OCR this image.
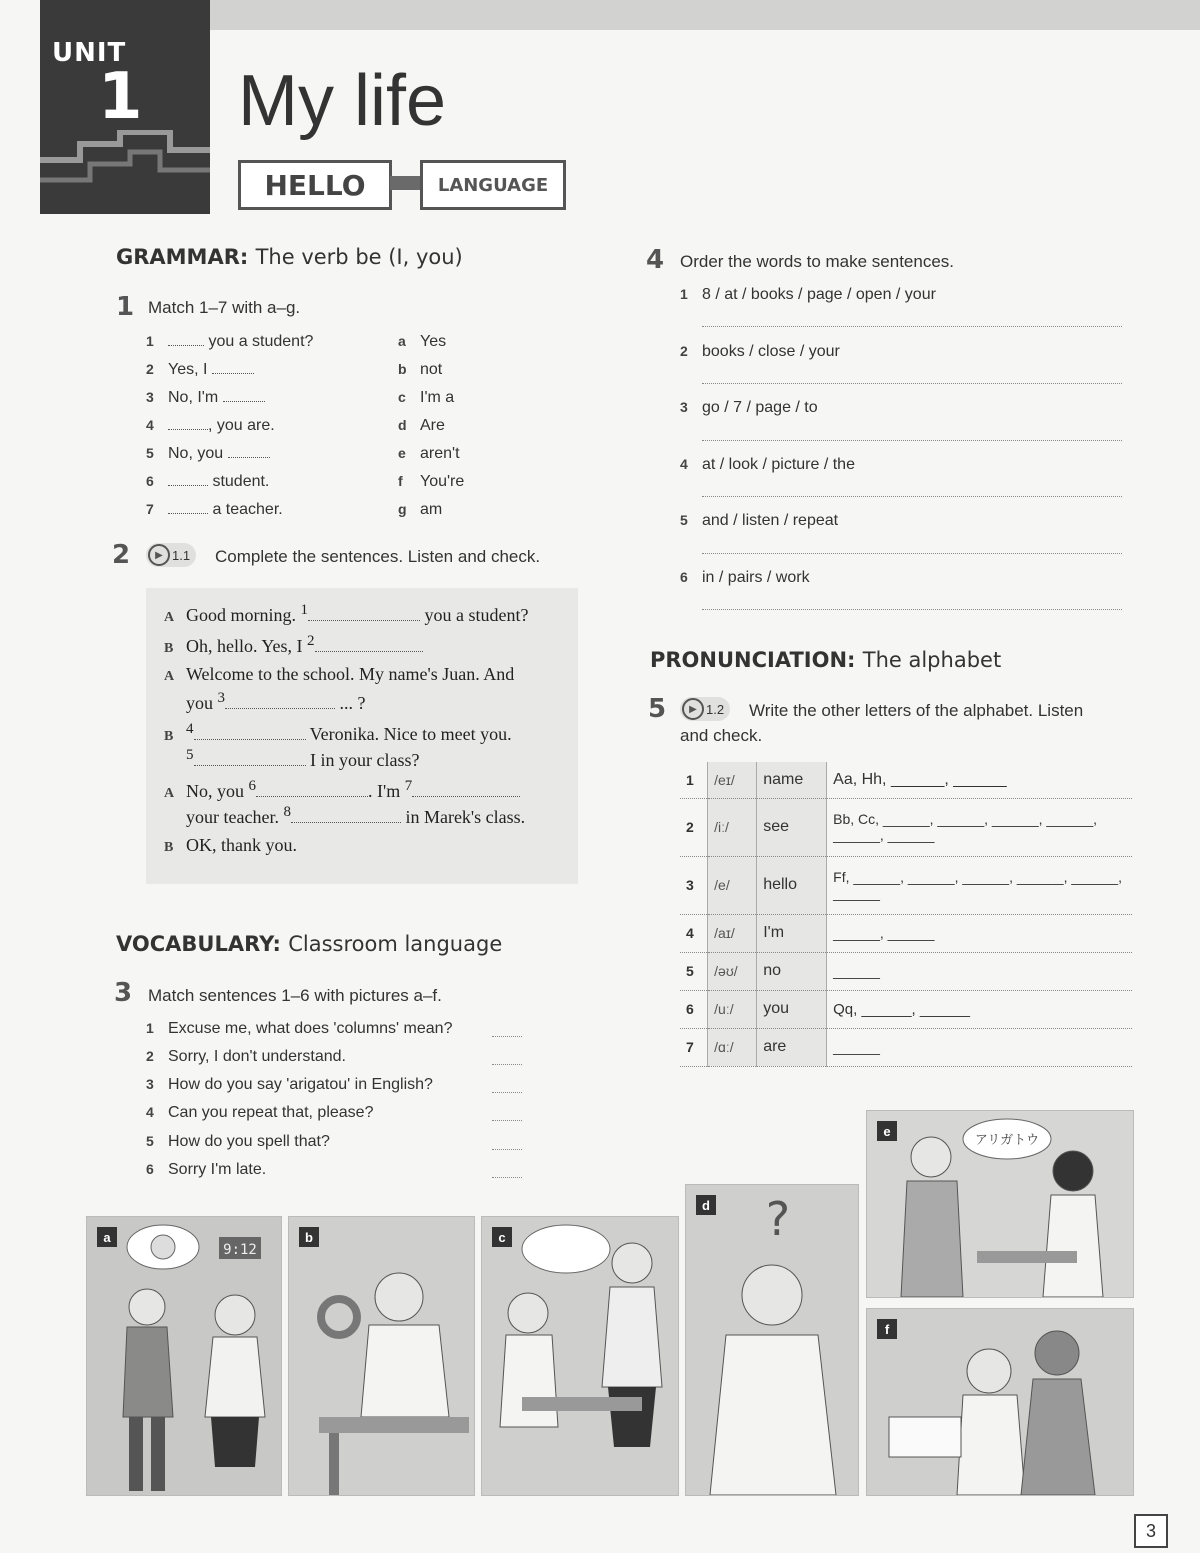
UNIT
1 My life
HELLO	LANGUAGE
GRAMMAR: The verb be (I, you)
1 Match 1–7 with a–g.
1	you a student?
2 Yes, I
3 No, I'm
4	, you are.
5 No, you
6	student.
7	a teacher.
a Yes
b not
c I'm a
d Are
e aren't
f You're
g am
2	▶ 1.1 Complete the sentences. Listen and check.
A Good morning. $^1$	you a student?
B Oh, hello. Yes, I $^2$
A Welcome to the school. My name's Juan. And
you $^3$	... ?
B $^4$	Veronika. Nice to meet you.
$^5$	I in your class?
A No, you $^6$	. I'm $^7$
your teacher. $^8$	in Marek's class.
B OK, thank you.
VOCABULARY: Classroom language
3 Match sentences 1–6 with pictures a–f.
1 Excuse me, what does 'columns' mean?
2 Sorry, I don't understand.
3 How do you say 'arigatou' in English?
4 Can you repeat that, please?
5 How do you spell that?
6 Sorry I'm late.
4 Order the words to make sentences.
1 8 / at / books / page / open / your
2 books / close / your
3 go / 7 / page / to
4 at / look / picture / the
5 and / listen / repeat
6 in / pairs / work
PRONUNCIATION: The alphabet
5	▶ 1.2 Write the other letters of the alphabet. Listen
and check.
1	/eɪ/	name	Aa, Hh, ______, ______
2	/iː/	see	Bb, Cc, ______, ______, ______, ______, ______, ______
3	/e/	hello	Ff, ______, ______, ______, ______, ______, ______
4	/aɪ/	I'm	______, ______
5	/əʊ/	no	______
6	/uː/	you	Qq, ______, ______
7	/ɑː/	are	______
9:12
a	b	c	?
d
アリガトウ
e
f
3
